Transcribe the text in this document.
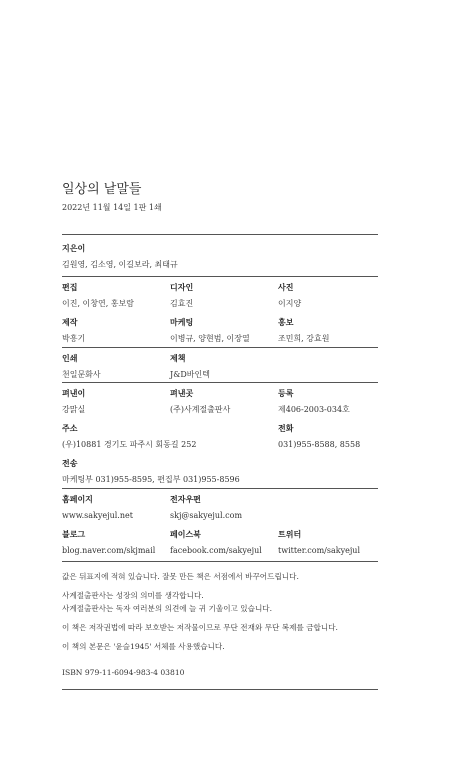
일상의 낱말들
2022년 11월 14일 1판 1쇄
지은이
김원영, 김소영, 이길보라, 최태규
편집
이진, 이창연, 홍보람
디자인
김효진
사진
이지양
제작
박흥기
마케팅
이병규, 양현범, 이장열
홍보
조민희, 강효원
인쇄
천일문화사
제책
J&D바인텍
펴낸이
강맑실
펴낸곳
(주)사계절출판사
등록
제406-2003-034호
주소
(우)10881 경기도 파주시 회동길 252
전화
031)955-8588, 8558
전송
마케팅부 031)955-8595, 편집부 031)955-8596
홈페이지
www.sakyejul.net
전자우편
skj@sakyejul.com
블로그
blog.naver.com/skjmail
페이스북
facebook.com/sakyejul
트위터
twitter.com/sakyejul
값은 뒤표지에 적혀 있습니다. 잘못 만든 책은 서점에서 바꾸어드립니다.
사계절출판사는 성장의 의미를 생각합니다.
사계절출판사는 독자 여러분의 의견에 늘 귀 기울이고 있습니다.
이 책은 저작권법에 따라 보호받는 저작물이므로 무단 전재와 무단 복제를 금합니다.
이 책의 본문은 '윤슬1945' 서체를 사용했습니다.
ISBN 979-11-6094-983-4 03810
